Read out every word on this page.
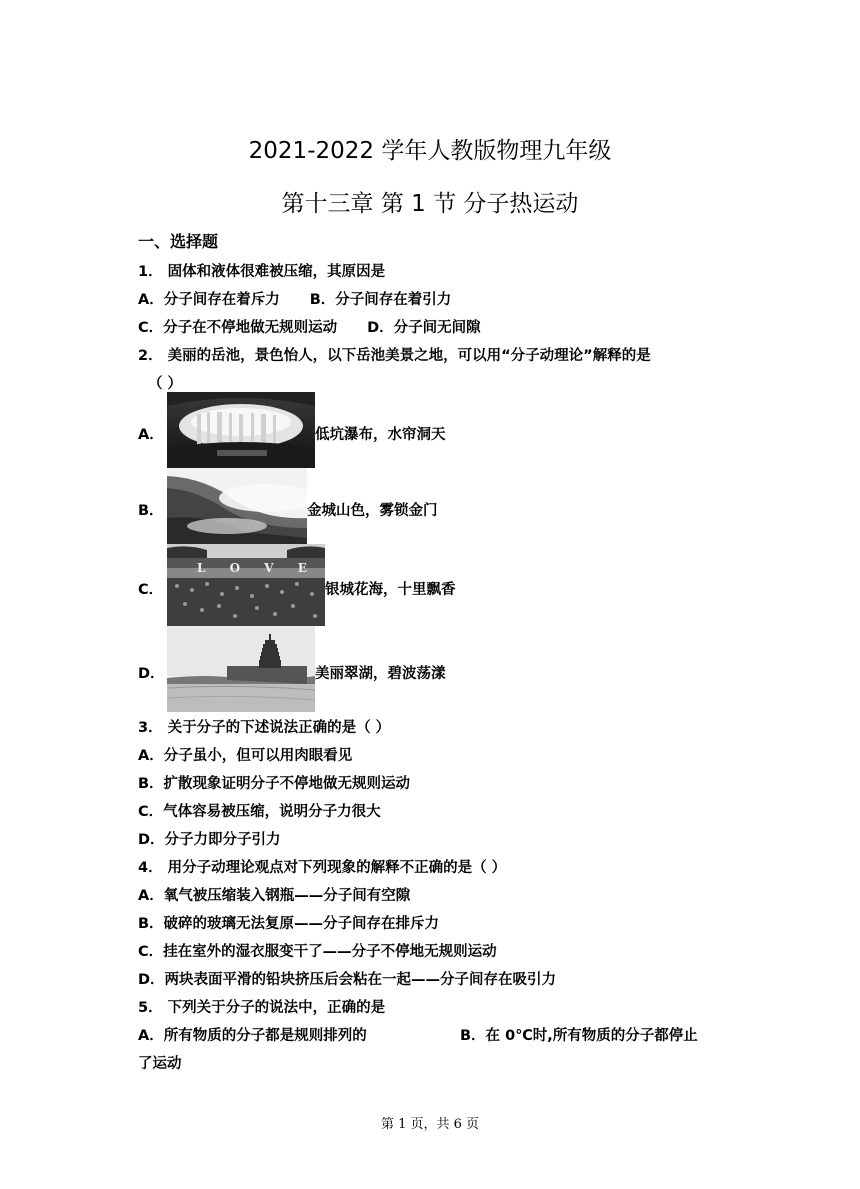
2021-2022 学年人教版物理九年级
第十三章 第 1 节 分子热运动
一、选择题
1． 固体和液体很难被压缩，其原因是
A．分子间存在着斥力 B．分子间存在着引力
C．分子在不停地做无规则运动 D．分子间无间隙
2． 美丽的岳池，景色怡人，以下岳池美景之地，可以用“分子动理论”解释的是
（ ）
A．	低坑瀑布，水帘洞天
B．	金城山色，雾锁金门
C．
L O V E
银城花海，十里飘香
D．	美丽翠湖，碧波荡漾
3． 关于分子的下述说法正确的是（ ）
A．分子虽小，但可以用肉眼看见
B．扩散现象证明分子不停地做无规则运动
C．气体容易被压缩，说明分子力很大
D．分子力即分子引力
4． 用分子动理论观点对下列现象的解释不正确的是（ ）
A．氧气被压缩装入钢瓶——分子间有空隙
B．破碎的玻璃无法复原——分子间存在排斥力
C．挂在室外的湿衣服变干了——分子不停地无规则运动
D．两块表面平滑的铅块挤压后会粘在一起——分子间存在吸引力
5． 下列关于分子的说法中，正确的是
A．所有物质的分子都是规则排列的	B．在 0℃时,所有物质的分子都停止
了运动
第 1 页，共 6 页
